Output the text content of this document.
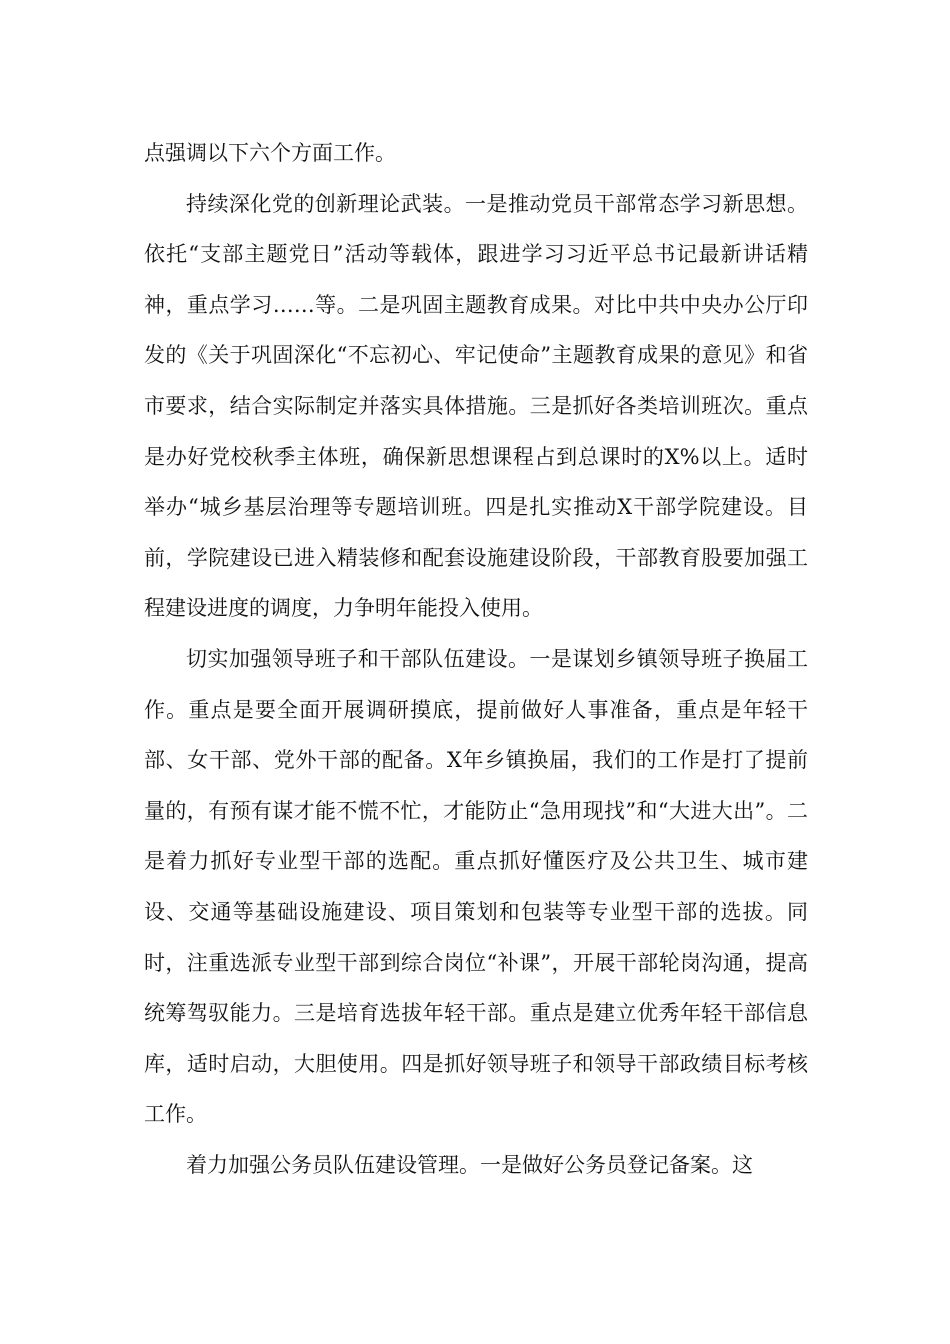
点强调以下六个方面工作。

持续深化党的创新理论武装。一是推动党员干部常态学习新思想。依托“支部主题党日”活动等载体，跟进学习习近平总书记最新讲话精神，重点学习……等。二是巩固主题教育成果。对比中共中央办公厅印发的《关于巩固深化“不忘初心、牢记使命”主题教育成果的意见》和省市要求，结合实际制定并落实具体措施。三是抓好各类培训班次。重点是办好党校秋季主体班，确保新思想课程占到总课时的X%以上。适时举办“城乡基层治理等专题培训班。四是扎实推动X干部学院建设。目前，学院建设已进入精装修和配套设施建设阶段，干部教育股要加强工程建设进度的调度，力争明年能投入使用。

切实加强领导班子和干部队伍建设。一是谋划乡镇领导班子换届工作。重点是要全面开展调研摸底，提前做好人事准备，重点是年轻干部、女干部、党外干部的配备。X年乡镇换届，我们的工作是打了提前量的，有预有谋才能不慌不忙，才能防止“急用现找”和“大进大出”。二是着力抓好专业型干部的选配。重点抓好懂医疗及公共卫生、城市建设、交通等基础设施建设、项目策划和包装等专业型干部的选拔。同时，注重选派专业型干部到综合岗位“补课”，开展干部轮岗沟通，提高统筹驾驭能力。三是培育选拔年轻干部。重点是建立优秀年轻干部信息库，适时启动，大胆使用。四是抓好领导班子和领导干部政绩目标考核工作。

着力加强公务员队伍建设管理。一是做好公务员登记备案。这
